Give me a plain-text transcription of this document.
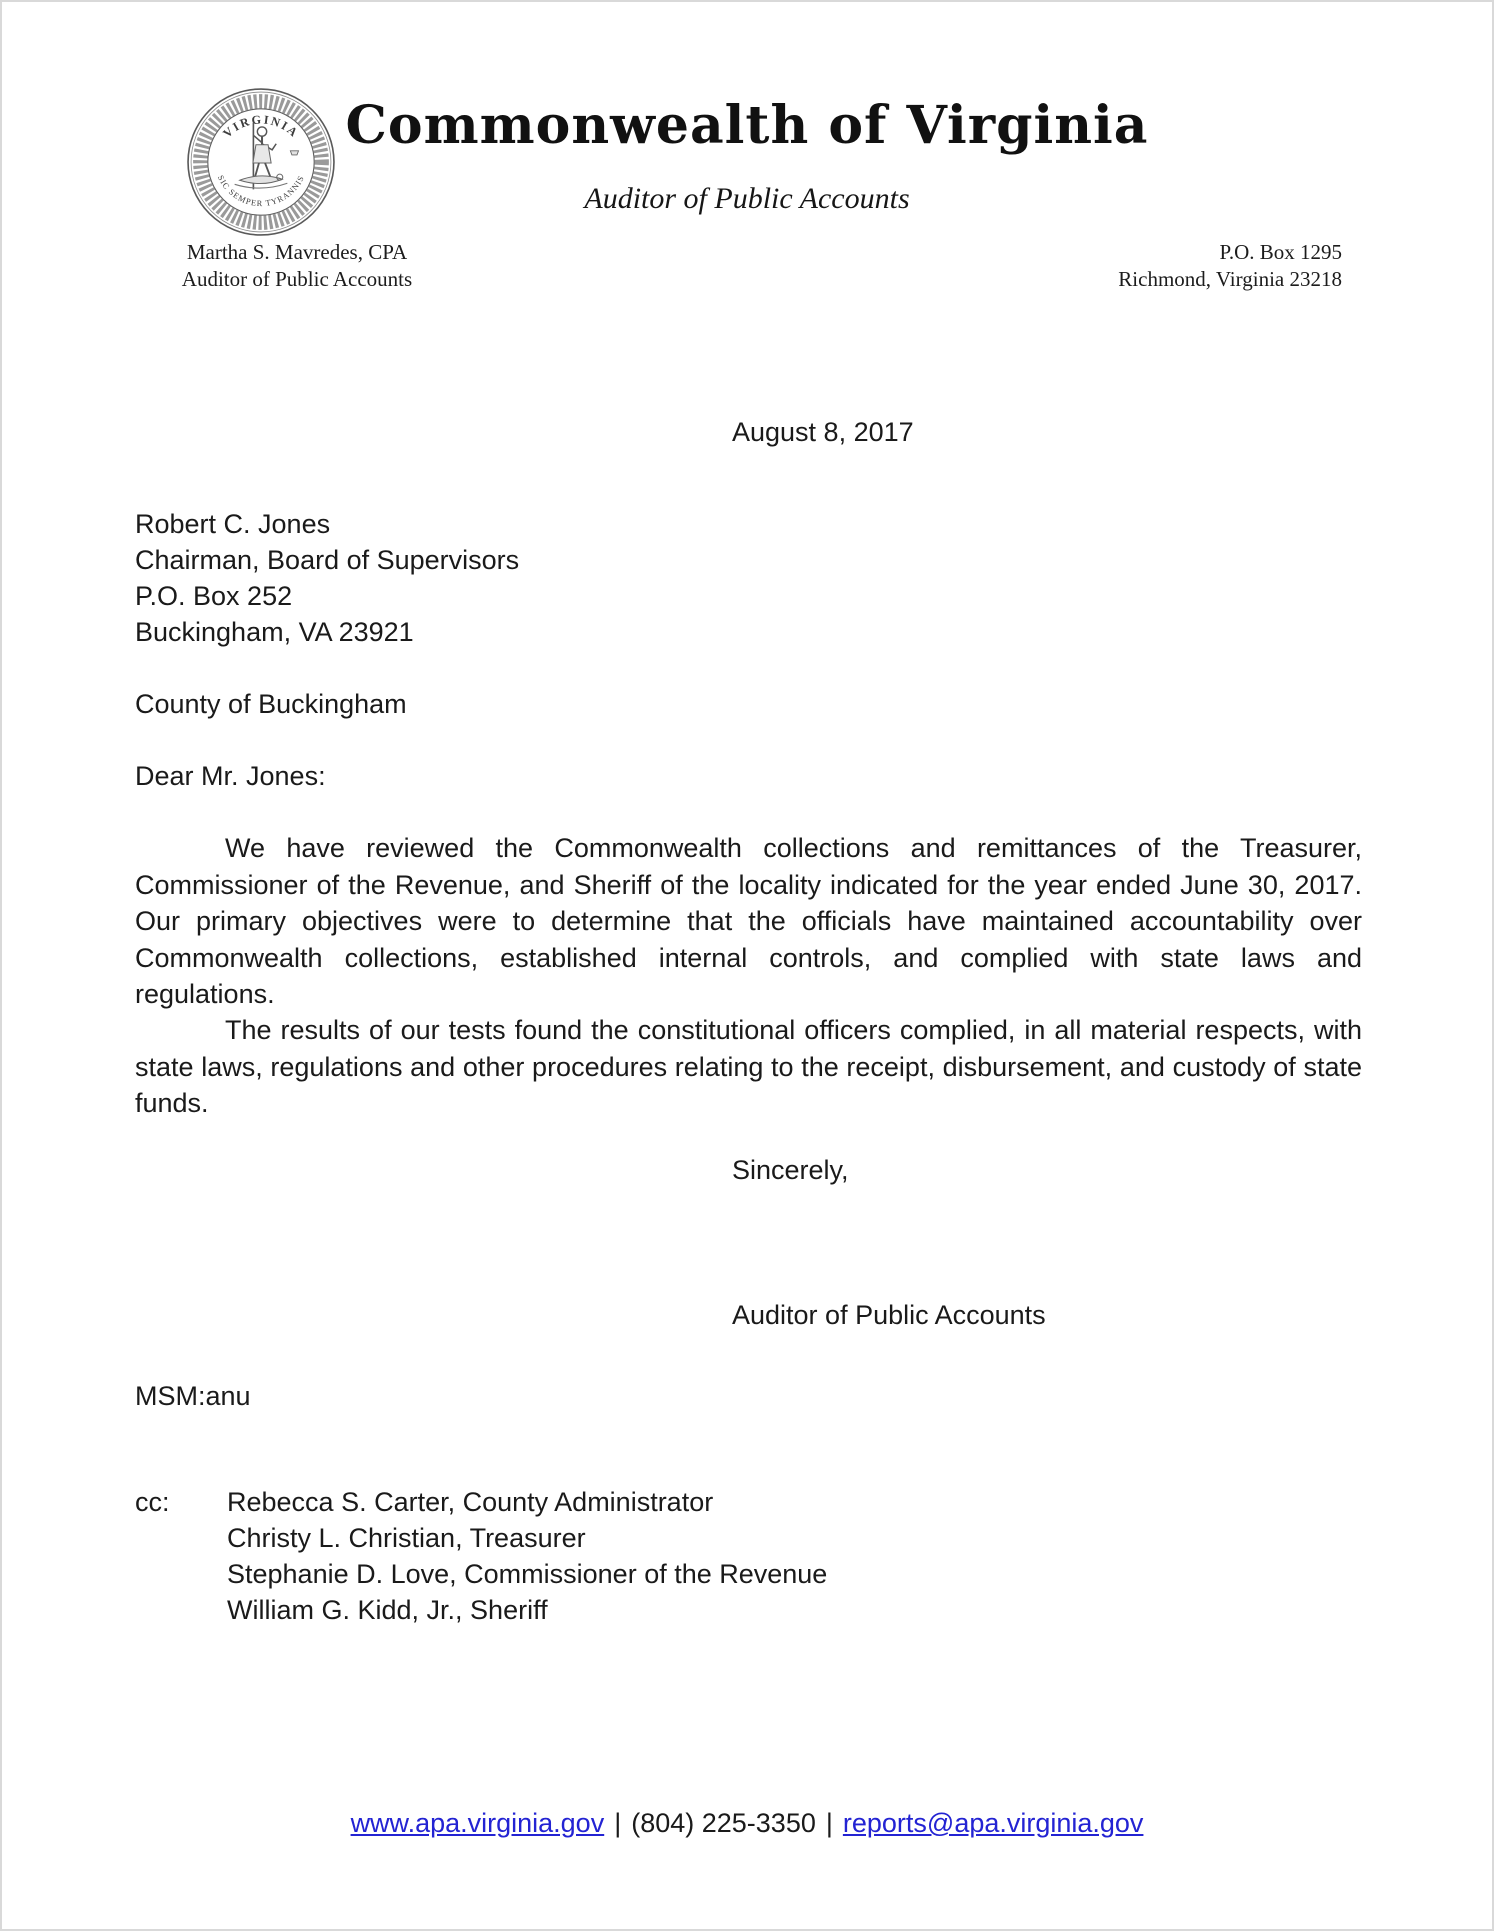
VIRGINIA
SIC SEMPER TYRANNIS
Commonwealth of Virginia
Auditor of Public Accounts
Martha S. Mavredes, CPA
Auditor of Public Accounts
P.O. Box 1295
Richmond, Virginia 23218
August 8, 2017
Robert C. Jones
Chairman, Board of Supervisors
P.O. Box 252
Buckingham, VA 23921
County of Buckingham
Dear Mr. Jones:
We have reviewed the Commonwealth collections and remittances of the Treasurer, Commissioner of the Revenue, and Sheriff of the locality indicated for the year ended June 30, 2017. Our primary objectives were to determine that the officials have maintained accountability over Commonwealth collections, established internal controls, and complied with state laws and regulations.
The results of our tests found the constitutional officers complied, in all material respects, with state laws, regulations and other procedures relating to the receipt, disbursement, and custody of state funds.
Sincerely,
Auditor of Public Accounts
MSM:anu
cc:	Rebecca S. Carter, County Administrator
Christy L. Christian, Treasurer
Stephanie D. Love, Commissioner of the Revenue
William G. Kidd, Jr., Sheriff
www.apa.virginia.gov | (804) 225-3350 | reports@apa.virginia.gov
